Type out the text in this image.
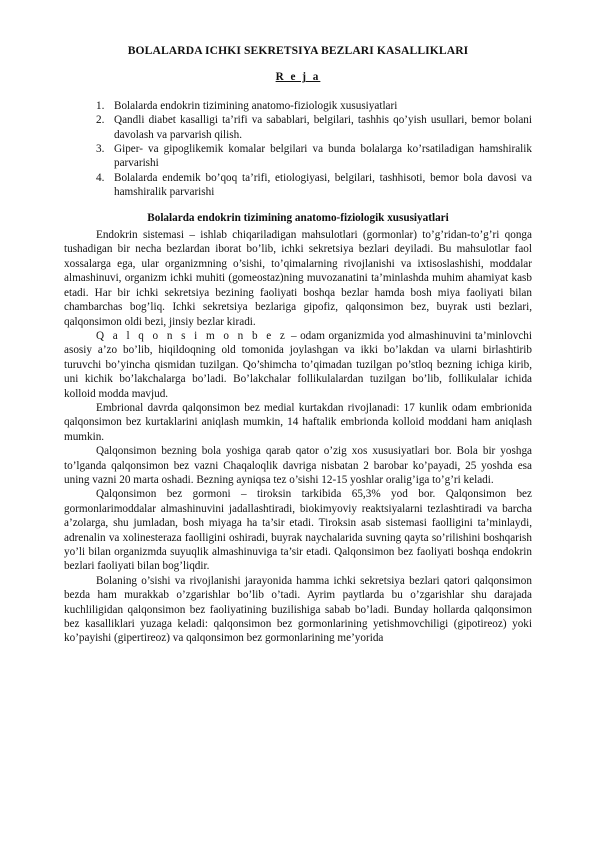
BOLALARDA ICHKI SEKRETSIYA BEZLARI KASALLIKLARI
R e j a
1. Bolalarda endokrin tizimining anatomo-fiziologik xususiyatlari
2. Qandli diabet kasalligi ta’rifi va sabablari, belgilari, tashhis qo’yish usullari, bemor bolani davolash va parvarish qilish.
3. Giper- va gipoglikemik komalar belgilari va bunda bolalarga ko’rsatiladigan hamshiralik parvarishi
4. Bolalarda endemik bo’qoq ta’rifi, etiologiyasi, belgilari, tashhisoti, bemor bola davosi va hamshiralik parvarishi
Bolalarda endokrin tizimining anatomo-fiziologik xususiyatlari

Endokrin sistemasi – ishlab chiqariladigan mahsulotlari (gormonlar) to’g’ridan-to’g’ri qonga tushadigan bir necha bezlardan iborat bo’lib, ichki sekretsiya bezlari deyiladi. Bu mahsulotlar faol xossalarga ega, ular organizmning o’sishi, to’qimalarning rivojlanishi va ixtisoslashishi, moddalar almashinuvi, organizm ichki muhiti (gomeostaz)ning muvozanatini ta’minlashda muhim ahamiyat kasb etadi. Har bir ichki sekretsiya bezining faoliyati boshqa bezlar hamda bosh miya faoliyati bilan chambarchas bog’liq. Ichki sekretsiya bezlariga gipofiz, qalqonsimon bez, buyrak usti bezlari, qalqonsimon oldi bezi, jinsiy bezlar kiradi.

Q a l q o n s i m o n b e z – odam organizmida yod almashinuvini ta’minlovchi asosiy a’zo bo’lib, hiqildoqning old tomonida joylashgan va ikki bo’lakdan va ularni birlashtirib turuvchi bo’yincha qismidan tuzilgan. Qo’shimcha to’qimadan tuzilgan po’stloq bezning ichiga kirib, uni kichik bo’lakchalarga bo’ladi. Bo’lakchalar follikulalardan tuzilgan bo’lib, follikulalar ichida kolloid modda mavjud.

Embrional davrda qalqonsimon bez medial kurtakdan rivojlanadi: 17 kunlik odam embrionida qalqonsimon bez kurtaklarini aniqlash mumkin, 14 haftalik embrionda kolloid moddani ham aniqlash mumkin.

Qalqonsimon bezning bola yoshiga qarab qator o’zig xos xususiyatlari bor. Bola bir yoshga to’lganda qalqonsimon bez vazni Chaqaloqlik davriga nisbatan 2 barobar ko’payadi, 25 yoshda esa uning vazni 20 marta oshadi. Bezning ayniqsa tez o’sishi 12-15 yoshlar oralig’iga to’g’ri keladi.

Qalqonsimon bez gormoni – tiroksin tarkibida 65,3% yod bor. Qalqonsimon bez gormonlarimoddalar almashinuvini jadallashtiradi, biokimyoviy reaktsiyalarni tezlashtiradi va barcha a’zolarga, shu jumladan, bosh miyaga ha ta’sir etadi. Tiroksin asab sistemasi faolligini ta’minlaydi, adrenalin va xolinesteraza faolligini oshiradi, buyrak naychalarida suvning qayta so’rilishini boshqarish yo’li bilan organizmda suyuqlik almashinuviga ta’sir etadi. Qalqonsimon bez faoliyati boshqa endokrin bezlari faoliyati bilan bog’liqdir.

Bolaning o’sishi va rivojlanishi jarayonida hamma ichki sekretsiya bezlari qatori qalqonsimon bezda ham murakkab o’zgarishlar bo’lib o’tadi. Ayrim paytlarda bu o’zgarishlar shu darajada kuchliligidan qalqonsimon bez faoliyatining buzilishiga sabab bo’ladi. Bunday hollarda qalqonsimon bez kasalliklari yuzaga keladi: qalqonsimon bez gormonlarining yetishmovchiligi (gipotireoz) yoki ko’payishi (gipertireoz) va qalqonsimon bez gormonlarining me’yorida
